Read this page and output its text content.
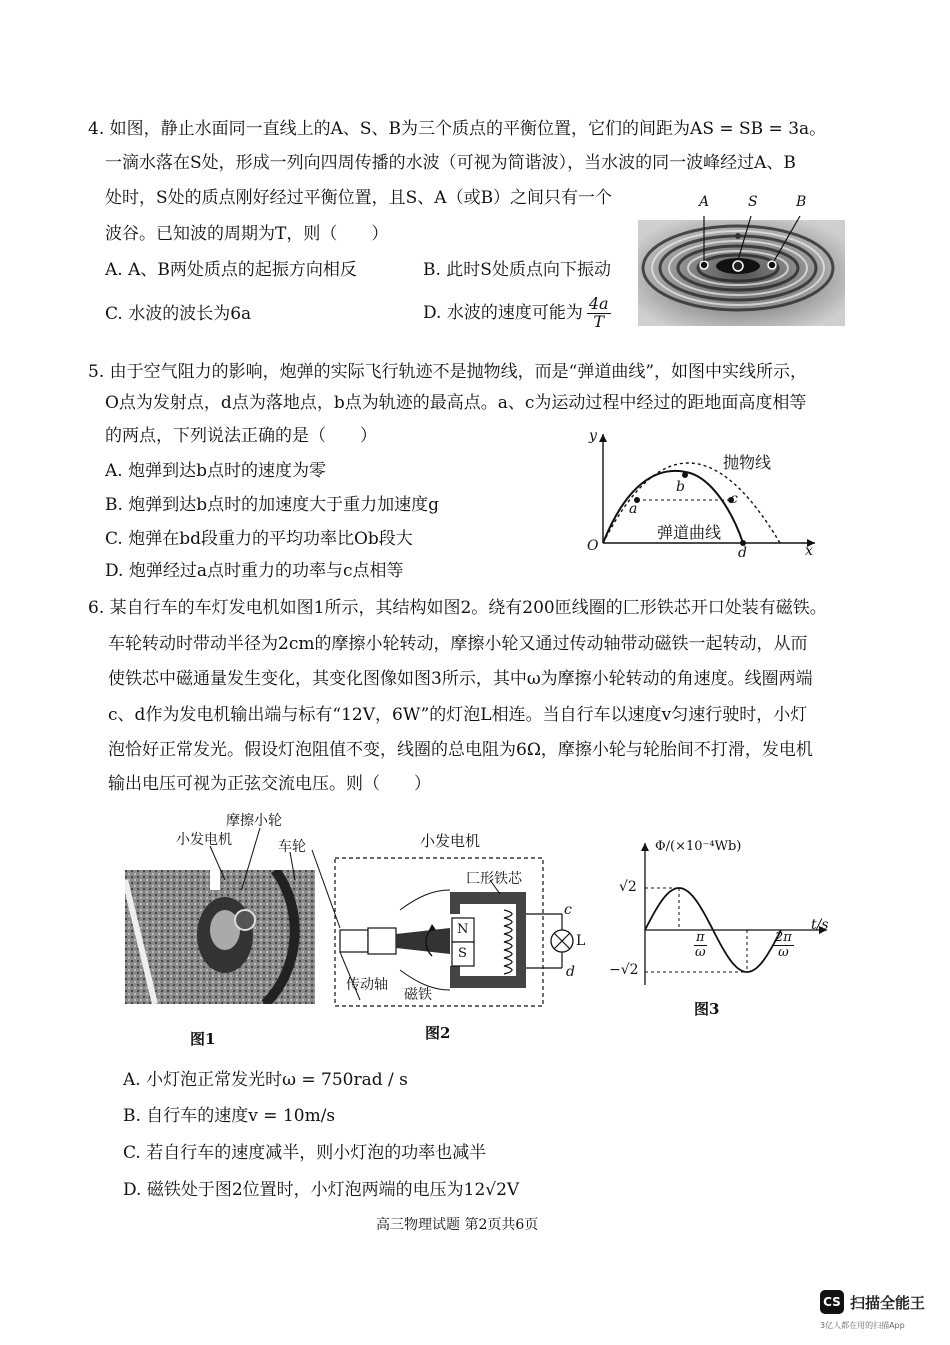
4. 如图，静止水面同一直线上的A、S、B为三个质点的平衡位置，它们的间距为AS = SB = 3a。
一滴水落在S处，形成一列向四周传播的水波（可视为简谐波），当水波的同一波峰经过A、B
处时，S处的质点刚好经过平衡位置，且S、A（或B）之间只有一个
波谷。已知波的周期为T，则（　　）
A. A、B两处质点的起振方向相反	B. 此时S处质点向下振动
C. 水波的波长为6a	D. 水波的速度可能为 $\frac{4a}{T}$
A	S	B
5. 由于空气阻力的影响，炮弹的实际飞行轨迹不是抛物线，而是“弹道曲线”，如图中实线所示，
O点为发射点，d点为落地点，b点为轨迹的最高点。a、c为运动过程中经过的距地面高度相等
的两点，下列说法正确的是（　　）
A. 炮弹到达b点时的速度为零
B. 炮弹到达b点时的加速度大于重力加速度g
C. 炮弹在bd段重力的平均功率比Ob段大
D. 炮弹经过a点时重力的功率与c点相等
y
x
O
a
b
c
d
抛物线
弹道曲线
6. 某自行车的车灯发电机如图1所示，其结构如图2。绕有200匝线圈的匚形铁芯开口处装有磁铁。
车轮转动时带动半径为2cm的摩擦小轮转动，摩擦小轮又通过传动轴带动磁铁一起转动，从而
使铁芯中磁通量发生变化，其变化图像如图3所示，其中ω为摩擦小轮转动的角速度。线圈两端
c、d作为发电机输出端与标有“12V，6W”的灯泡L相连。当自行车以速度v匀速行驶时，小灯
泡恰好正常发光。假设灯泡阻值不变，线圈的总电阻为6Ω，摩擦小轮与轮胎间不打滑，发电机
输出电压可视为正弦交流电压。则（　　）
摩擦小轮
小发电机	车轮
图1
小发电机
匚形铁芯
N
S
c
d
L
传动轴
磁铁
图2
Φ/(×10⁻⁴Wb)
t/s
√2
−√2
$\frac{\pi}{\omega}$	$\frac{2\pi}{\omega}$
图3
A. 小灯泡正常发光时ω = 750rad / s
B. 自行车的速度v = 10m/s
C. 若自行车的速度减半，则小灯泡的功率也减半
D. 磁铁处于图2位置时，小灯泡两端的电压为12√2V
高三物理试题 第2页共6页
CS 扫描全能王
3亿人都在用的扫描App
